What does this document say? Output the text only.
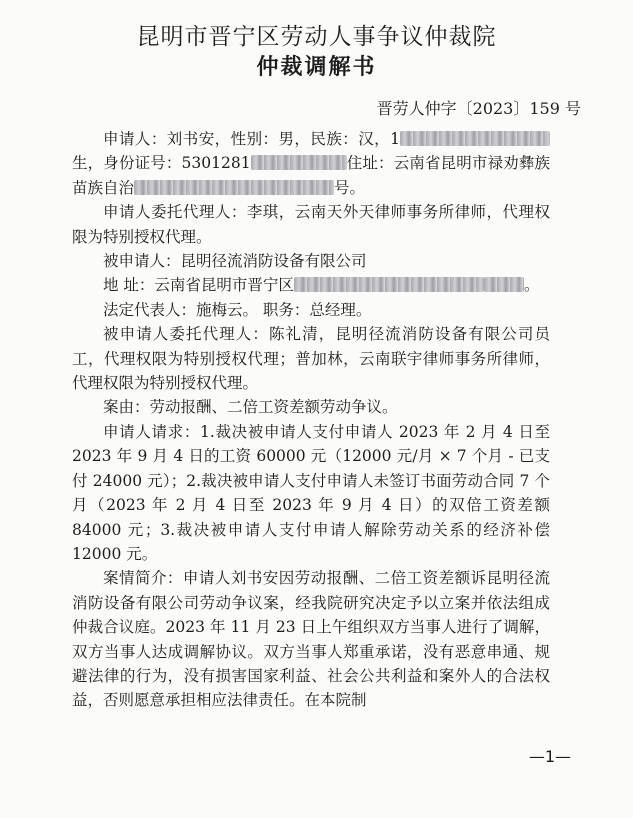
昆明市晋宁区劳动人事争议仲裁院
仲裁调解书
晋劳人仲字〔2023〕159 号

申请人：刘书安，性别：男，民族：汉，1生，身份证号：5301281	住址：云南省昆明市禄劝彝族苗族自治	号。

申请人委托代理人：李琪，云南天外天律师事务所律师，代理权限为特别授权代理。

被申请人：昆明径流消防设备有限公司

地 址：云南省昆明市晋宁区	。

法定代表人：施梅云。 职务：总经理。

被申请人委托代理人：陈礼清，昆明径流消防设备有限公司员工，代理权限为特别授权代理；普加林，云南联宇律师事务所律师，代理权限为特别授权代理。

案由：劳动报酬、二倍工资差额劳动争议。

申请人请求：1.裁决被申请人支付申请人 2023 年 2 月 4 日至 2023 年 9 月 4 日的工资 60000 元（12000 元/月 × 7 个月 - 已支付 24000 元）；2.裁决被申请人支付申请人未签订书面劳动合同 7 个月（2023 年 2 月 4 日至 2023 年 9 月 4 日）的双倍工资差额 84000 元；3.裁决被申请人支付申请人解除劳动关系的经济补偿 12000 元。

案情简介：申请人刘书安因劳动报酬、二倍工资差额诉昆明径流消防设备有限公司劳动争议案，经我院研究决定予以立案并依法组成仲裁合议庭。2023 年 11 月 23 日上午组织双方当事人进行了调解，双方当事人达成调解协议。双方当事人郑重承诺，没有恶意串通、规避法律的行为，没有损害国家利益、社会公共利益和案外人的合法权益，否则愿意承担相应法律责任。在本院制

—1—
